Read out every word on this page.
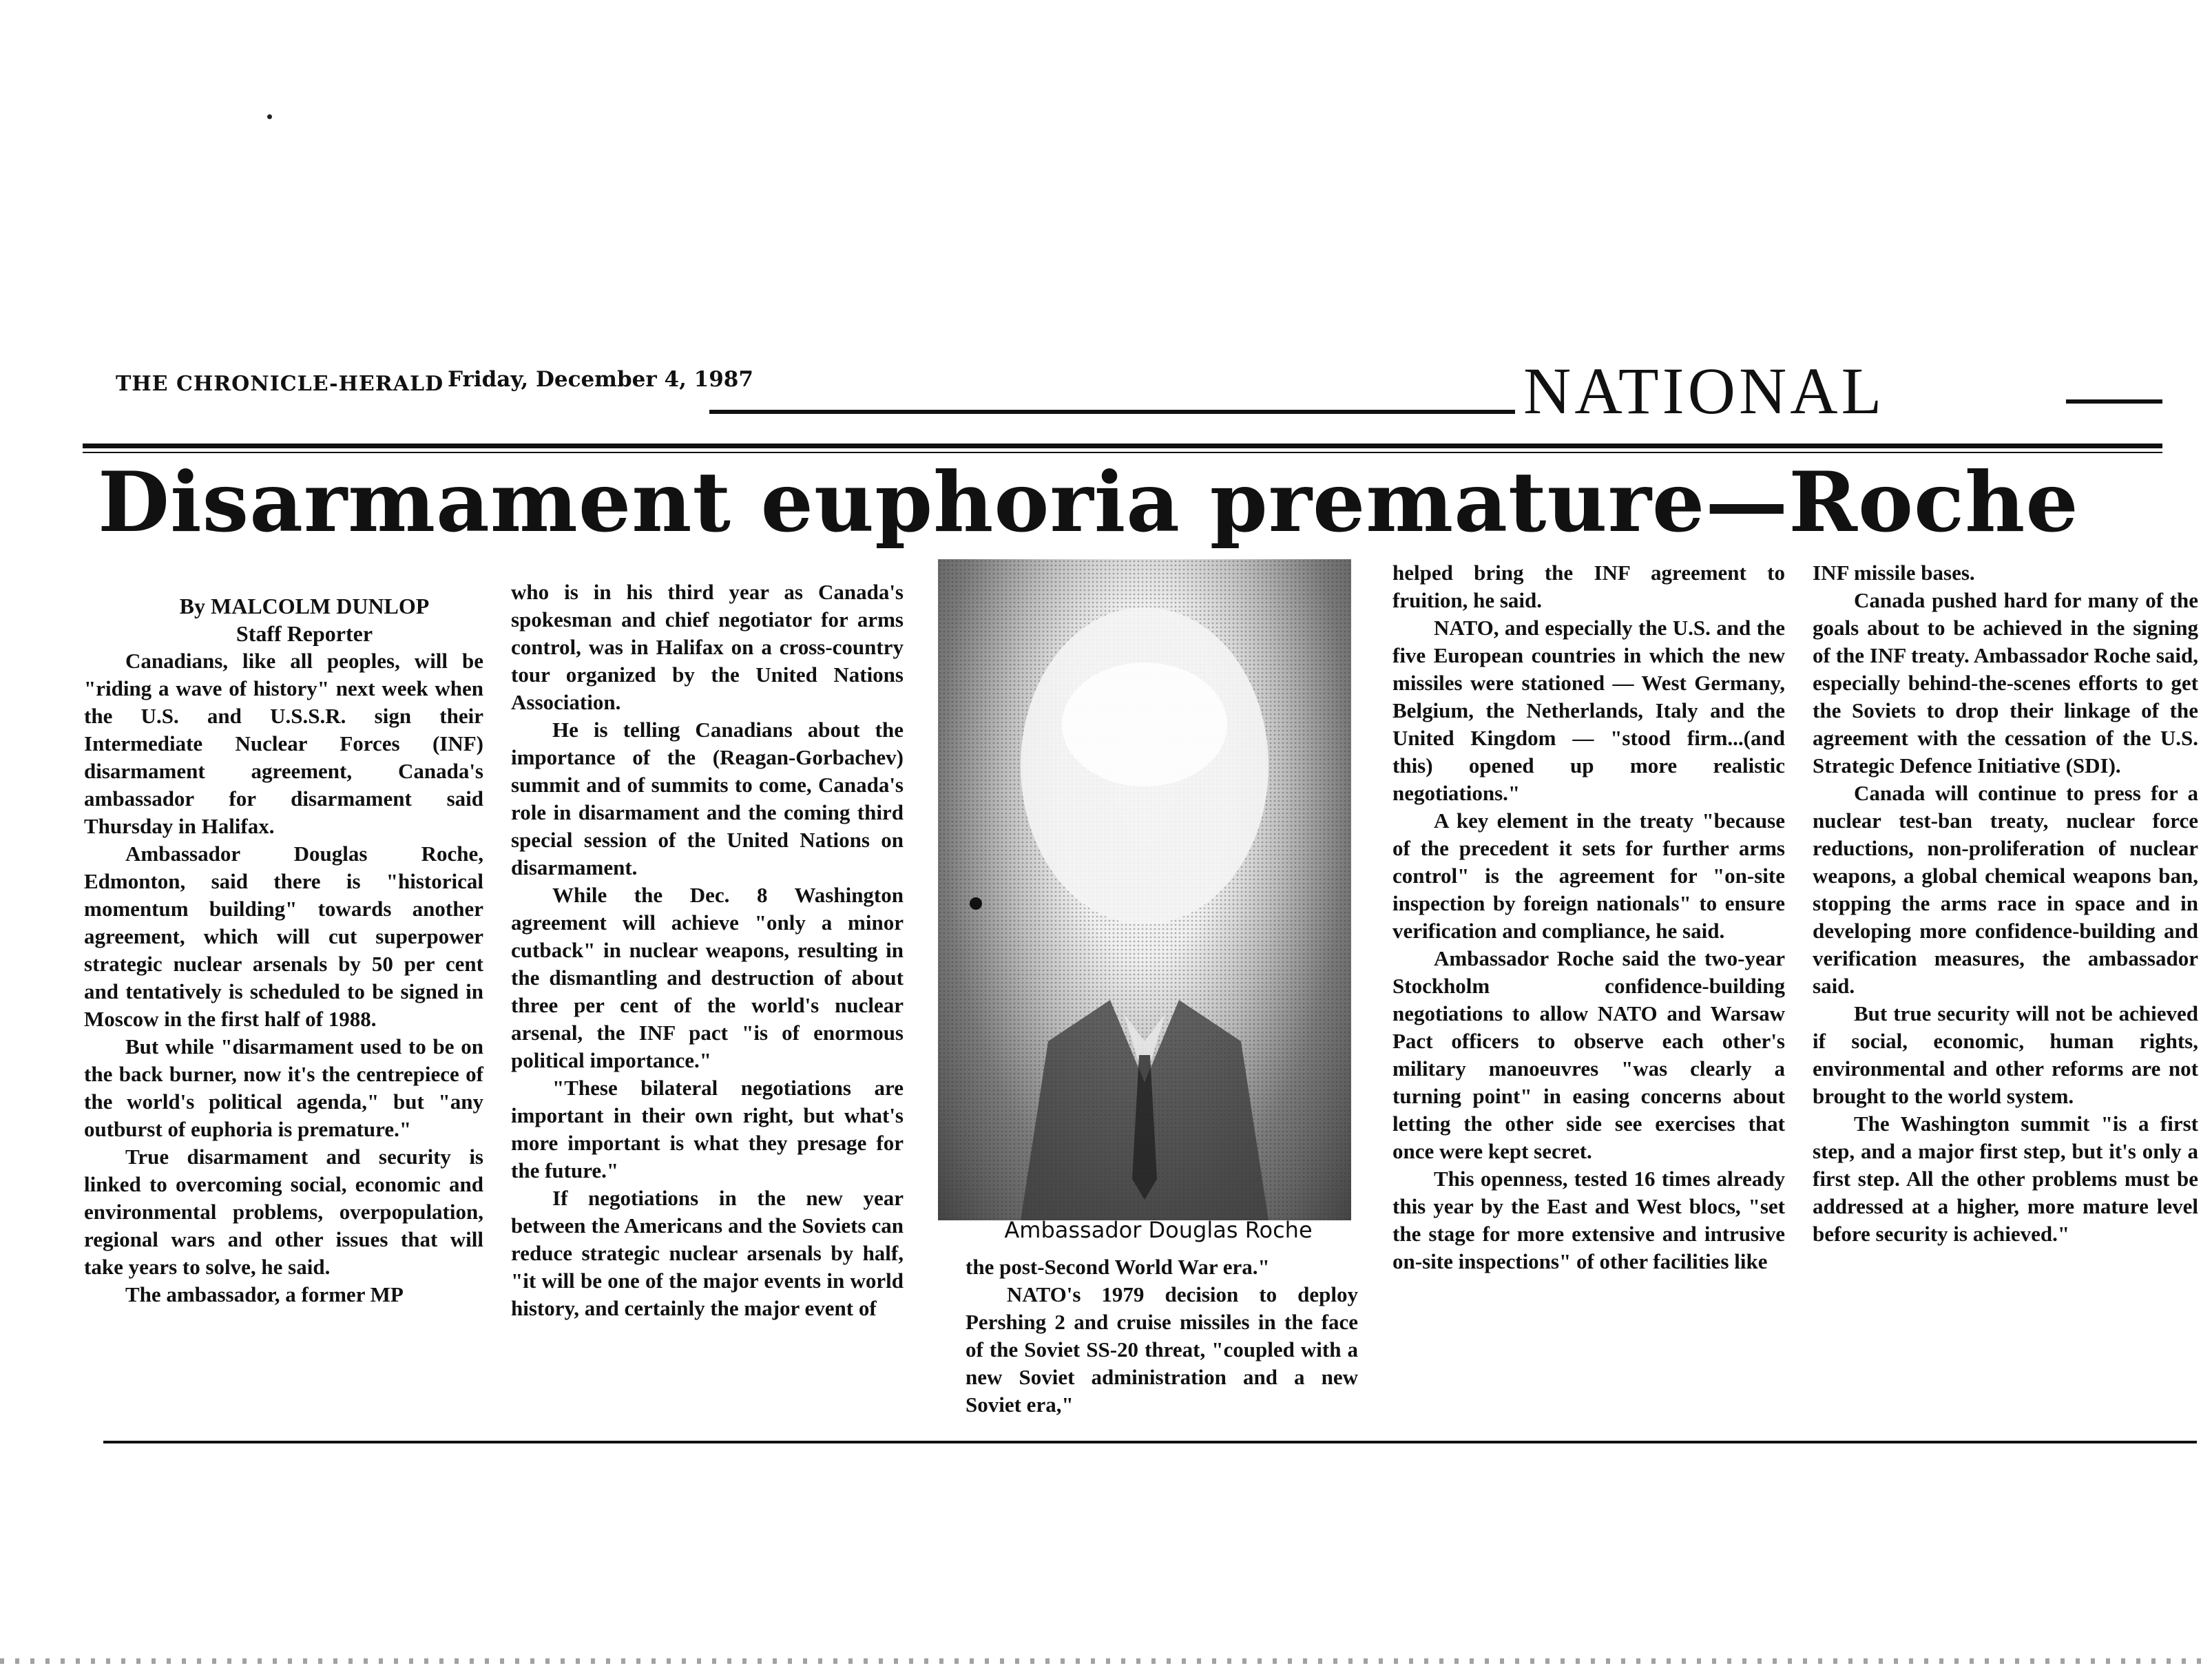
THE CHRONICLE-HERALD Friday, December 4, 1987	NATIONAL
Disarmament euphoria premature—Roche

By MALCOLM DUNLOP

Staff Reporter

Canadians, like all peoples, will be "riding a wave of history" next week when the U.S. and U.S.S.R. sign their Intermediate Nuclear Forces (INF) disarmament agreement, Canada's ambassador for disarmament said Thursday in Halifax.

Ambassador Douglas Roche, Edmonton, said there is "historical momentum building" towards another agreement, which will cut superpower strategic nuclear arsenals by 50 per cent and tentatively is scheduled to be signed in Moscow in the first half of 1988.

But while "disarmament used to be on the back burner, now it's the centrepiece of the world's political agenda," but "any outburst of euphoria is premature."

True disarmament and security is linked to overcoming social, economic and environmental problems, overpopulation, regional wars and other issues that will take years to solve, he said.

The ambassador, a former MP

who is in his third year as Canada's spokesman and chief negotiator for arms control, was in Halifax on a cross-country tour organized by the United Nations Association.

He is telling Canadians about the importance of the (Reagan-Gorbachev) summit and of summits to come, Canada's role in disarmament and the coming third special session of the United Nations on disarmament.

While the Dec. 8 Washington agreement will achieve "only a minor cutback" in nuclear weapons, resulting in the dismantling and destruction of about three per cent of the world's nuclear arsenal, the INF pact "is of enormous political importance."

"These bilateral negotiations are important in their own right, but what's more important is what they presage for the future."

If negotiations in the new year between the Americans and the Soviets can reduce strategic nuclear arsenals by half, "it will be one of the major events in world history, and certainly the major event of

Ambassador Douglas Roche

the post-Second World War era."

NATO's 1979 decision to deploy Pershing 2 and cruise missiles in the face of the Soviet SS-20 threat, "coupled with a new Soviet administration and a new Soviet era,"

helped bring the INF agreement to fruition, he said.

NATO, and especially the U.S. and the five European countries in which the new missiles were stationed — West Germany, Belgium, the Netherlands, Italy and the United Kingdom — "stood firm...(and this) opened up more realistic negotiations."

A key element in the treaty "because of the precedent it sets for further arms control" is the agreement for "on-site inspection by foreign nationals" to ensure verification and compliance, he said.

Ambassador Roche said the two-year Stockholm confidence-building negotiations to allow NATO and Warsaw Pact officers to observe each other's military manoeuvres "was clearly a turning point" in easing concerns about letting the other side see exercises that once were kept secret.

This openness, tested 16 times already this year by the East and West blocs, "set the stage for more extensive and intrusive on-site inspections" of other facilities like

INF missile bases.

Canada pushed hard for many of the goals about to be achieved in the signing of the INF treaty. Ambassador Roche said, especially behind-the-scenes efforts to get the Soviets to drop their linkage of the agreement with the cessation of the U.S. Strategic Defence Initiative (SDI).

Canada will continue to press for a nuclear test-ban treaty, nuclear force reductions, non-proliferation of nuclear weapons, a global chemical weapons ban, stopping the arms race in space and in developing more confidence-building and verification measures, the ambassador said.

But true security will not be achieved if social, economic, human rights, environmental and other reforms are not brought to the world system.

The Washington summit "is a first step, and a major first step, but it's only a first step. All the other problems must be addressed at a higher, more mature level before security is achieved."
